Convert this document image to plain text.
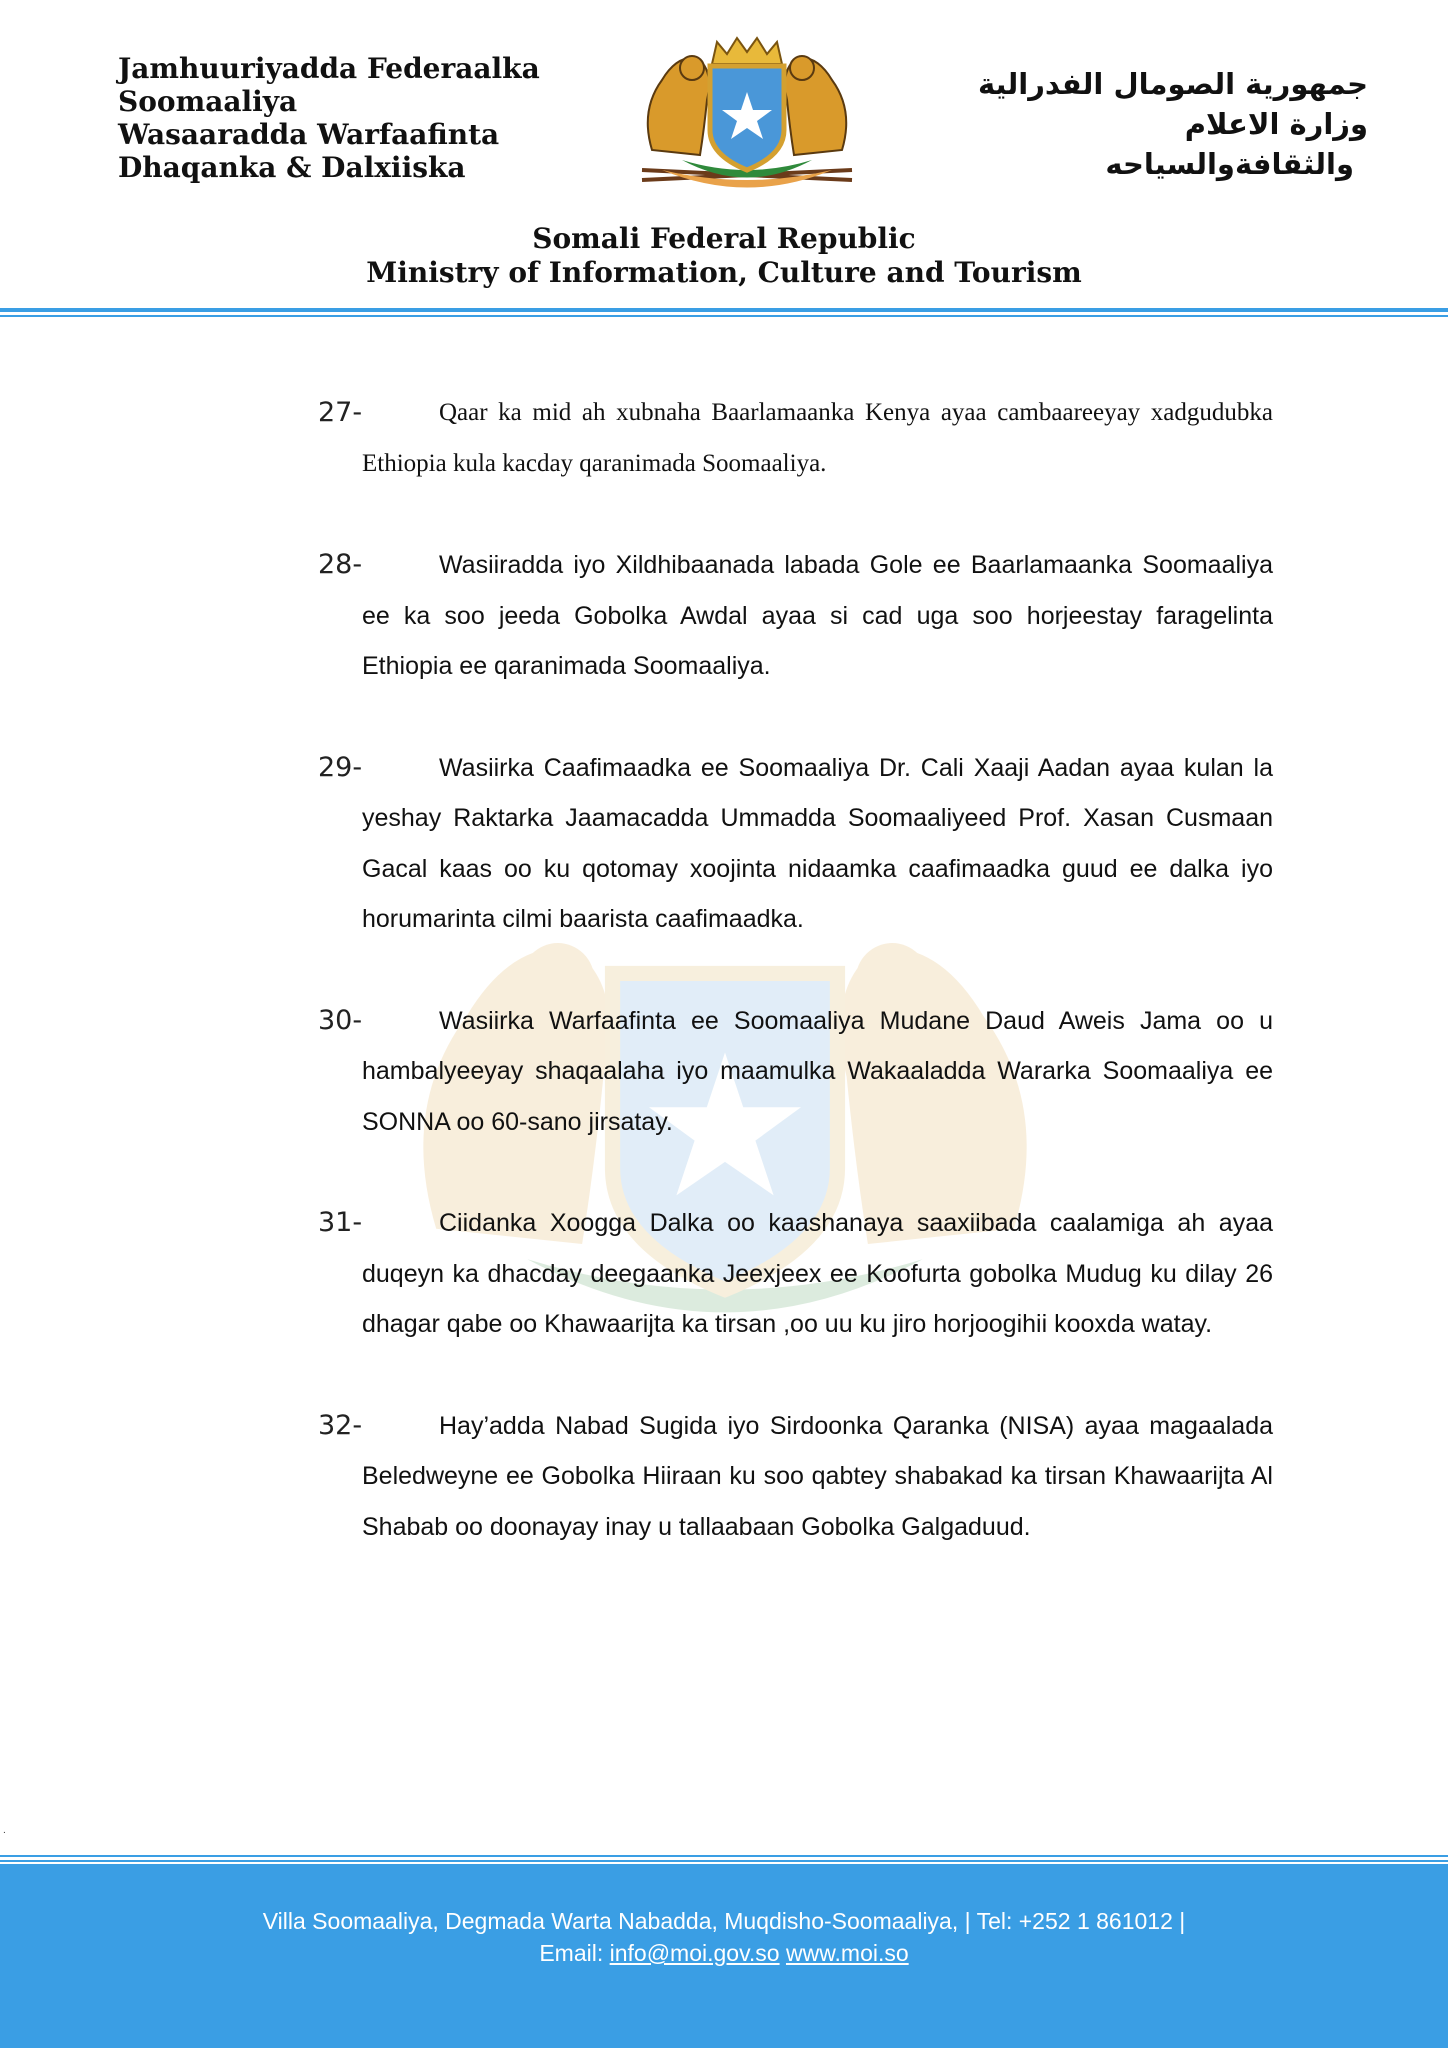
Jamhuuriyadda Federaalka
Soomaaliya
Wasaaradda Warfaafinta
Dhaqanka & Dalxiiska
جمهورية الصومال الفدرالية
وزارة الاعلام
والثقافةوالسياحه
Somali Federal Republic
Ministry of Information, Culture and Tourism
27-	Qaar ka mid ah xubnaha Baarlamaanka Kenya ayaa cambaareeyay xadgudubka Ethiopia kula kacday qaranimada Soomaaliya.
28-	Wasiiradda iyo Xildhibaanada labada Gole ee Baarlamaanka Soomaaliya ee ka soo jeeda Gobolka Awdal ayaa si cad uga soo horjeestay faragelinta Ethiopia ee qaranimada Soomaaliya.
29-	Wasiirka Caafimaadka ee Soomaaliya Dr. Cali Xaaji Aadan ayaa kulan la yeshay Raktarka Jaamacadda Ummadda Soomaaliyeed Prof. Xasan Cusmaan Gacal kaas oo ku qotomay xoojinta nidaamka caafimaadka guud ee dalka iyo horumarinta cilmi baarista caafimaadka.
30-	Wasiirka Warfaafinta ee Soomaaliya Mudane Daud Aweis Jama oo u hambalyeeyay shaqaalaha iyo maamulka Wakaaladda Wararka Soomaaliya ee SONNA oo 60-sano jirsatay.
31-	Ciidanka Xoogga Dalka oo kaashanaya saaxiibada caalamiga ah ayaa duqeyn ka dhacday deegaanka Jeexjeex ee Koofurta gobolka Mudug ku dilay 26 dhagar qabe oo Khawaarijta ka tirsan ,oo uu ku jiro horjoogihii kooxda watay.
32-	Hay’adda Nabad Sugida iyo Sirdoonka Qaranka (NISA) ayaa magaalada Beledweyne ee Gobolka Hiiraan ku soo qabtey shabakad ka tirsan Khawaarijta Al Shabab oo doonayay inay u tallaabaan Gobolka Galgaduud.
.
Villa Soomaaliya, Degmada Warta Nabadda, Muqdisho-Soomaaliya, | Tel: +252 1 861012 |
Email: info@moi.gov.so www.moi.so
